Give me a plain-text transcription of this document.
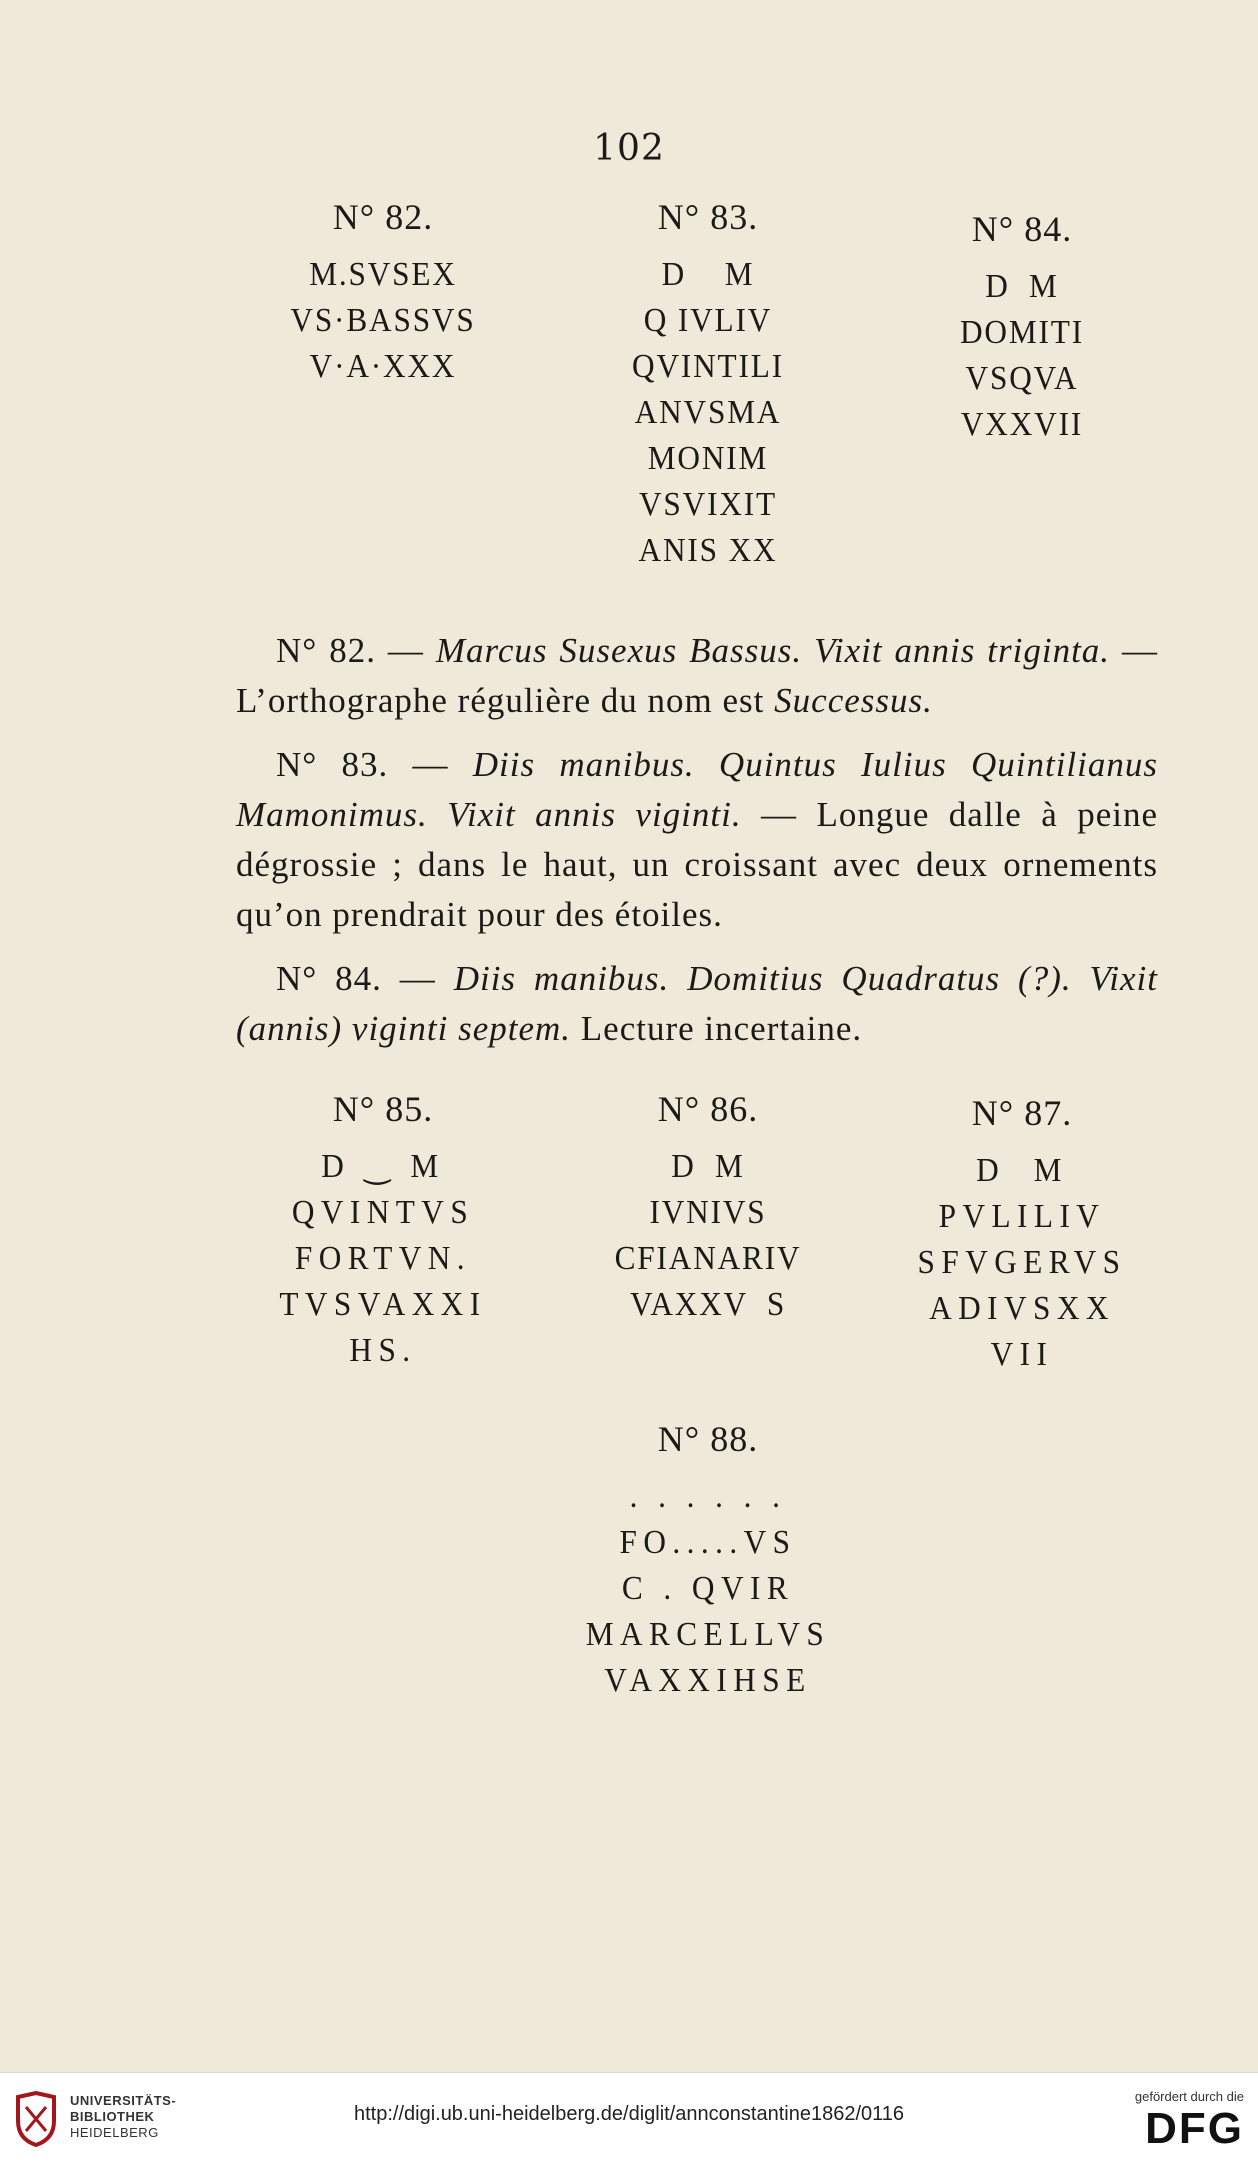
102
N° 82.
M.SVSEX
VS·BASSVS
V·A·XXX
N° 83.
D    M
Q IVLIV
QVINTILI
ANVSMA
MONIM
VSVIXIT
ANIS XX
N° 84.
D  M
DOMITI
VSQVA
VXXVII

N° 82. — Marcus Susexus Bassus. Vixit annis triginta. — L’orthographe régulière du nom est Successus.

N° 83. — Diis manibus. Quintus Iulius Quintilianus Mamonimus. Vixit annis viginti. — Longue dalle à peine dégrossie ; dans le haut, un croissant avec deux ornements qu’on prendrait pour des étoiles.

N° 84. — Diis manibus. Domitius Quadratus (?). Vixit (annis) viginti septem. Lecture incertaine.

N° 85.
D ‿ M
QVINTVS
FORTVN.
TVSVAXXI
HS.
N° 86.
D  M
IVNIVS
CFIANARIV
VAXXV  S
N° 87.
D  M
PVLILIV
SFVGERVS
ADIVSXX
VII
N° 88.
. . . . . .
FO.....VS
C . QVIR
MARCELLVS
VAXXIHSE
UNIVERSITÄTS-
BIBLIOTHEK
HEIDELBERG
http://digi.ub.uni-heidelberg.de/diglit/annconstantine1862/0116
gefördert durch die
DFG
